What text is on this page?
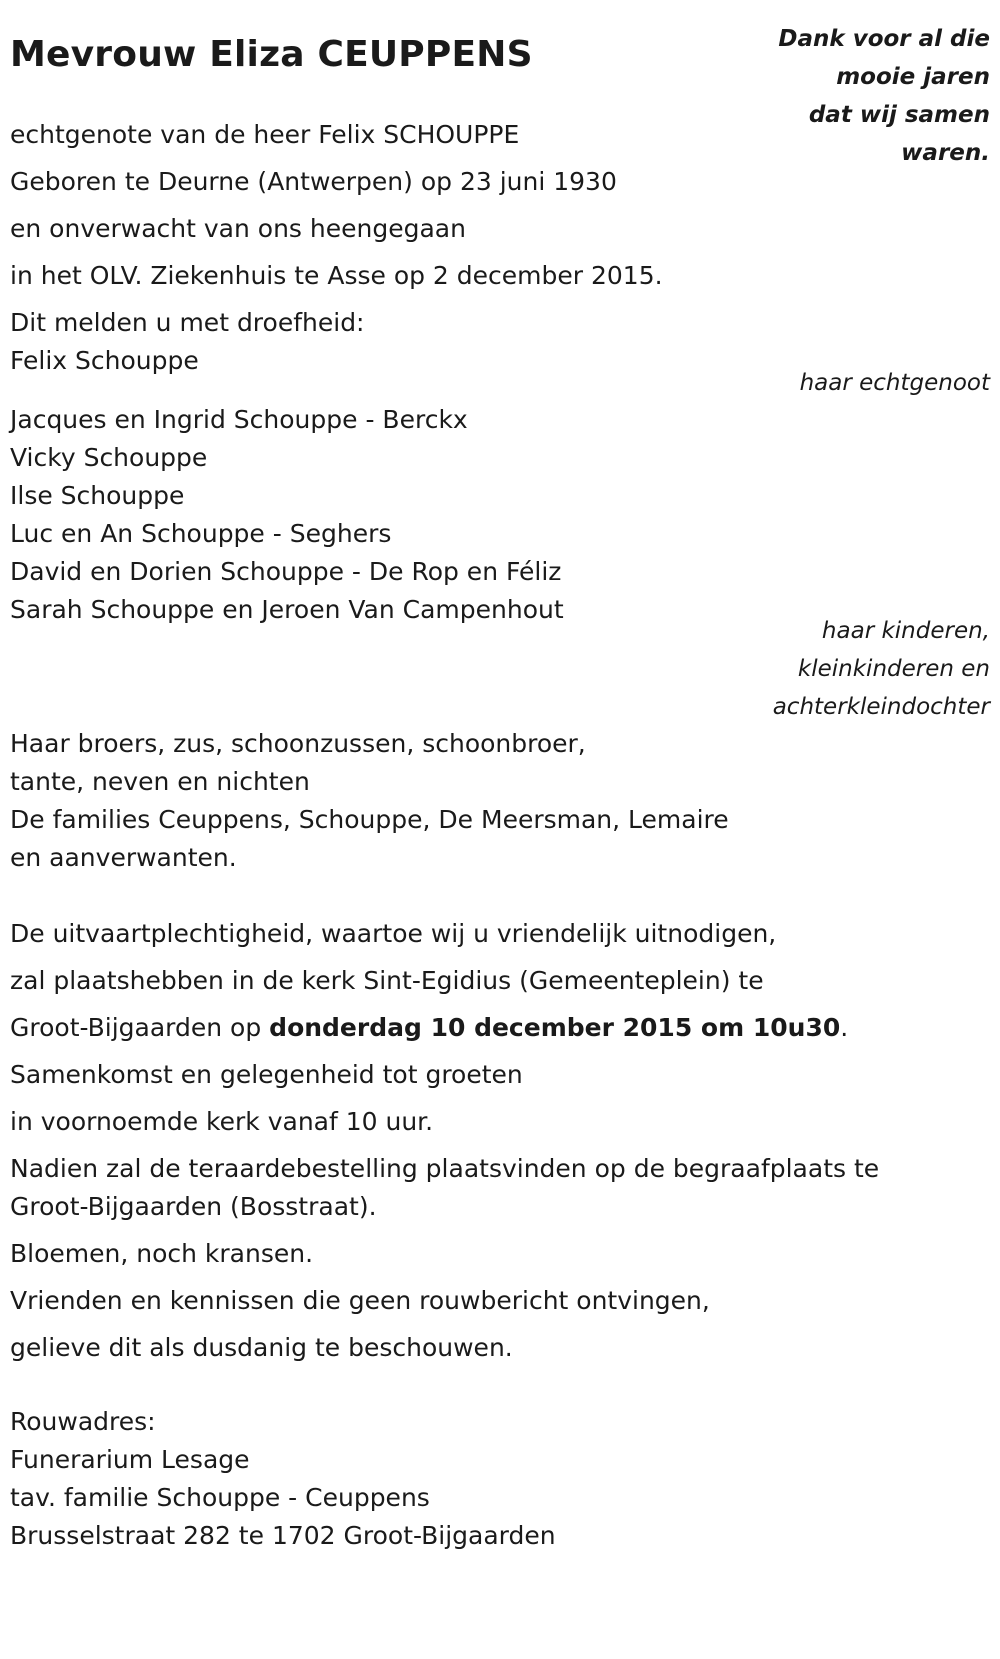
Mevrouw Eliza CEUPPENS	Dank voor al die
mooie jaren
dat wij samen
waren.
echtgenote van de heer Felix SCHOUPPE
Geboren te Deurne (Antwerpen) op 23 juni 1930
en onverwacht van ons heengegaan
in het OLV. Ziekenhuis te Asse op 2 december 2015.
Dit melden u met droefheid:
Felix Schouppe
haar echtgenoot
Jacques en Ingrid Schouppe - Berckx
Vicky Schouppe
Ilse Schouppe
Luc en An Schouppe - Seghers
David en Dorien Schouppe - De Rop en Féliz
Sarah Schouppe en Jeroen Van Campenhout
haar kinderen,
kleinkinderen en
achterkleindochter
Haar broers, zus, schoonzussen, schoonbroer,
tante, neven en nichten
De families Ceuppens, Schouppe, De Meersman, Lemaire
en aanverwanten.
De uitvaartplechtigheid, waartoe wij u vriendelijk uitnodigen,
zal plaatshebben in de kerk Sint-Egidius (Gemeenteplein) te
Groot-Bijgaarden op donderdag 10 december 2015 om 10u30.
Samenkomst en gelegenheid tot groeten
in voornoemde kerk vanaf 10 uur.
Nadien zal de teraardebestelling plaatsvinden op de begraafplaats te
Groot-Bijgaarden (Bosstraat).
Bloemen, noch kransen.
Vrienden en kennissen die geen rouwbericht ontvingen,
gelieve dit als dusdanig te beschouwen.
Rouwadres:
Funerarium Lesage
tav. familie Schouppe - Ceuppens
Brusselstraat 282 te 1702 Groot-Bijgaarden
